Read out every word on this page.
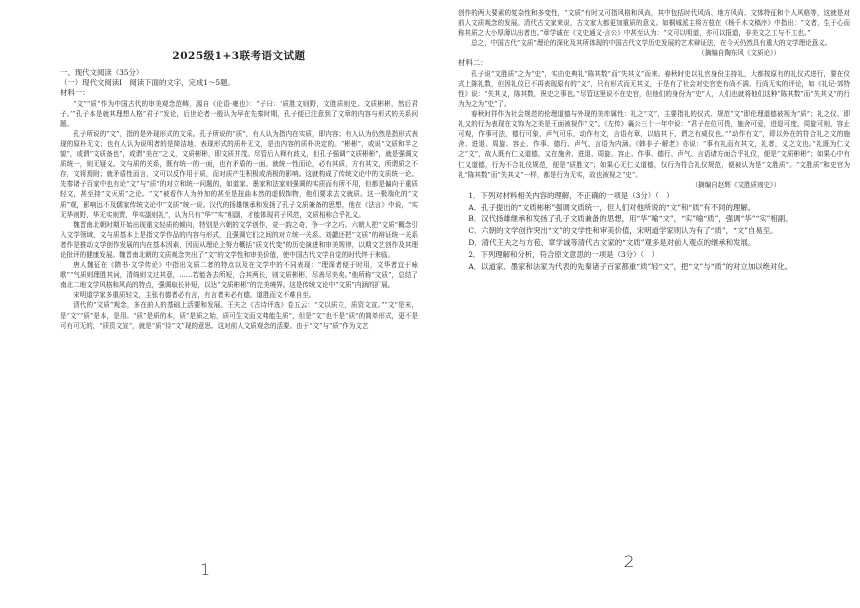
2025级1+3联考语文试题

一、现代文阅读（35分）

（一）现代文阅读Ⅰ　阅读下面的文字，完成1～5题。

材料一：

“文”“质”作为中国古代的审美观念范畴，源自《论语·雍也》：“子曰：‘质胜文则野，文胜质则史。文质彬彬，然后君子。’”孔子本是就其理想人格“君子”发论，后世论者一般认为早在先秦时期，孔子便已注意到了文章的内容与形式的关系问题。

孔子所说的“文”，指的是外现形式的文采。孔子所说的“质”，有人认为指内在实质，即内容；有人认为仍然是指形式表现的原朴无文；也有人认为说明者的是简洁地、表现形式的质朴无文，是由内容的质朴决定的。“彬彬”，或说“文质和半之貌”，或谓“文质备也”，或谓“美在”之义，文质彬彬，即文质并茂。尽管后人释有歧义，但孔子强调“文质彬彬”，就是强调文质统一，则无疑义。文与质的关系，既有统一的一面，也有矛盾的一面。就统一性而论，必有其质，方有其文，所谓质之不存，文将焉附；就矛盾性而言，文可以反作用于质，而对质产生积极或消极的影响。这就构成了传统文论中的文质统一论。先秦诸子百家中也有论“文”与“质”的对立和统一问题的，如道家、墨家和法家则强调的实质而有所不用，但都是偏向于重质轻文，甚至持“文灭质”之论。“文”被看作人为外加的甚至是扭曲本然的虚假饰物，他们要求去文就质。这一极端化的“文质”观，影响远不及儒家传统文论中“文质”统一说。汉代的扬雄继承和发扬了孔子文质兼备的思想，他在《法言》中说，“实无华则野，华无实则贾，华实副则礼”，认为只有“华”“实”相副，才能体现君子风范，文质相称合乎礼义。

魏晋南北朝时期开始出现重文轻质的倾向，特别是六朝的文学创作，竞一韵之奇，争一字之巧。六朝人把“文质”概念引入文学领域，文与质基本上是指文学作品的内容与形式，且强调它们之间的对立统一关系。刘勰还把“文质”的辩证统一关系者作是推动文学创作发展的内在基本因素，因而从理论上努力概括“质文代变”的历史演进和审美规律，以期文艺创作及其理论批评的健康发展。魏晋南北朝的文质观念突出了“文”的文学性和审美价值，使中国古代文学自觉的时代终于来临。

唐人魏征在《隋书·文学传论》中指出文质二者的特点以及在文学中的不同表现：“理深者便于时用，文华者宜于咏歌”“气质则理胜其词，清绮则文过其意，……若能各去所短，合其两长，则文质彬彬，尽善尽美矣。”他所称“文质”，总结了南北二地文学风格和风尚的特点，强调取长补短，以达“文质彬彬”的完美境界。这是传统文论中“文质”内涵的扩展。

宋明道学家多重质轻文，主张有德者必有言，有言者未必有德，道胜而文不难自至。

清代的“文质”观念，多在前人的基础上活要和发展。王夫之《古诗评选》卷五云：“文以质立，质资文宣。”“文”是末，是“文”“质”是本，是用。“质”是质的本，质“是质之始，质可生文而文弗能生质”，但是“文”也不是“质”的简单形式，更不是可有可无的，“质资文宣”，就是“质”待“文”现的意思。这对前人文质观念的活要。由于“文”与“质”作为文艺

1

创作的两大要素的复杂性和多变性，“文质”有时又可指风格和风尚，其中包括时代风尚、地方风尚、文体特征和个人风格等，这就是对前人文质观念的发展。清代古文家来说，古文家大都更加重质的意义。如桐城派主将方苞在《杨千木文稿序》中指出：“文者，生于心而称其质之大小厚薄以出者也。”章学诚在《文史通义·言公》中甚至认为：“文可以明道，亦可以报道，非美文之工与不工也。”

总之，中国古代“文质”理论的深化及其所体现的中国古代文学历史发展的艺术辩证法，在今天仍然具有重大的文学理论意义。

（摘编自陶东风《文质论》）

材料二：

孔子说“文胜质”之为“史”，实由史典礼“陈其数”而“失其义”而来。春秋时史以礼官身份主持礼，大都按原有的礼仪式进行，要在仪式上陈礼数，但因礼仪已不再表现原有的“义”，只有形式而无其义，于是有了社会对史官吏有尚不满、行尚无实的评论，如《礼记·郊特性》说：“失其义，陈其数，祝史之事也。”尽管这里说不在史官，但他们的身份为“史”人，人们也就将他们这种“陈其数”而“失其义”的行为为之为“史”了。

春秋时祥作为社会规范的伦理道德与外现的美库属性：礼之“文”，主要指礼的仪式、规范“文”即伦理道德被视为“质”；礼之仪、即礼又的行为表现在文饰为之美是王面被视作“文”。《左传》襄公三十一年中说：“君子在位可畏，施舍可爱，进退可度，周旋可则，容止可观，作事可法，德行可象，声气可乐，动作有文，言语有章，以临其下，谓之有威仪也。”“动作有文”，即以外在的符合礼之文的施舍、进退、周旋、容止、作事、德行、声气、言语为内涵。《韩非子·解老》亦说：“事有礼而有其文，礼者，义之文也。”礼既为仁义之“文”，故人既有仁义道德，又在施舍、进退、周旋、容止、作事、德行、声气、言语诸方面合乎礼仪，便是“文质彬彬”；如果心中有仁义道德，行为不合礼仪规范，便是“质胜文”；如果心无仁义道德，仅行为符合礼仪规范，便被认为是“文胜质”。“文胜质”和史官为礼“陈其数”而“失其义”一样，都是行为无实，故也被视之“史”。

（摘编自赵辉《文胜质则史》）

1．下列对材料相关内容的理解，不正确的一项是（3分）（　）

A．孔子提出的“文质彬彬”强调文质统一，但人们对他所说的“文”和“质”有不同的理解。

B．汉代扬雄继承和发扬了孔子文质兼备的思想，用“华”喻“文”，“实”喻“质”，强调“华”“实”相副。

C．六朝的文学创作突出“文”的文学性和审美价值，宋明道学家则认为有了“质”，“文”自易至。

D．清代王夫之与方苞、章学诚等清代古文家的“文质”观多是对前人观点的继承和发展。

2．下列理解和分析，符合原文意思的一项是（3分）（　）

A．以道家、墨家和法家为代表的先秦诸子百家都重“质”轻“文”，把“文”与“质”的对立加以绝对化。

2
